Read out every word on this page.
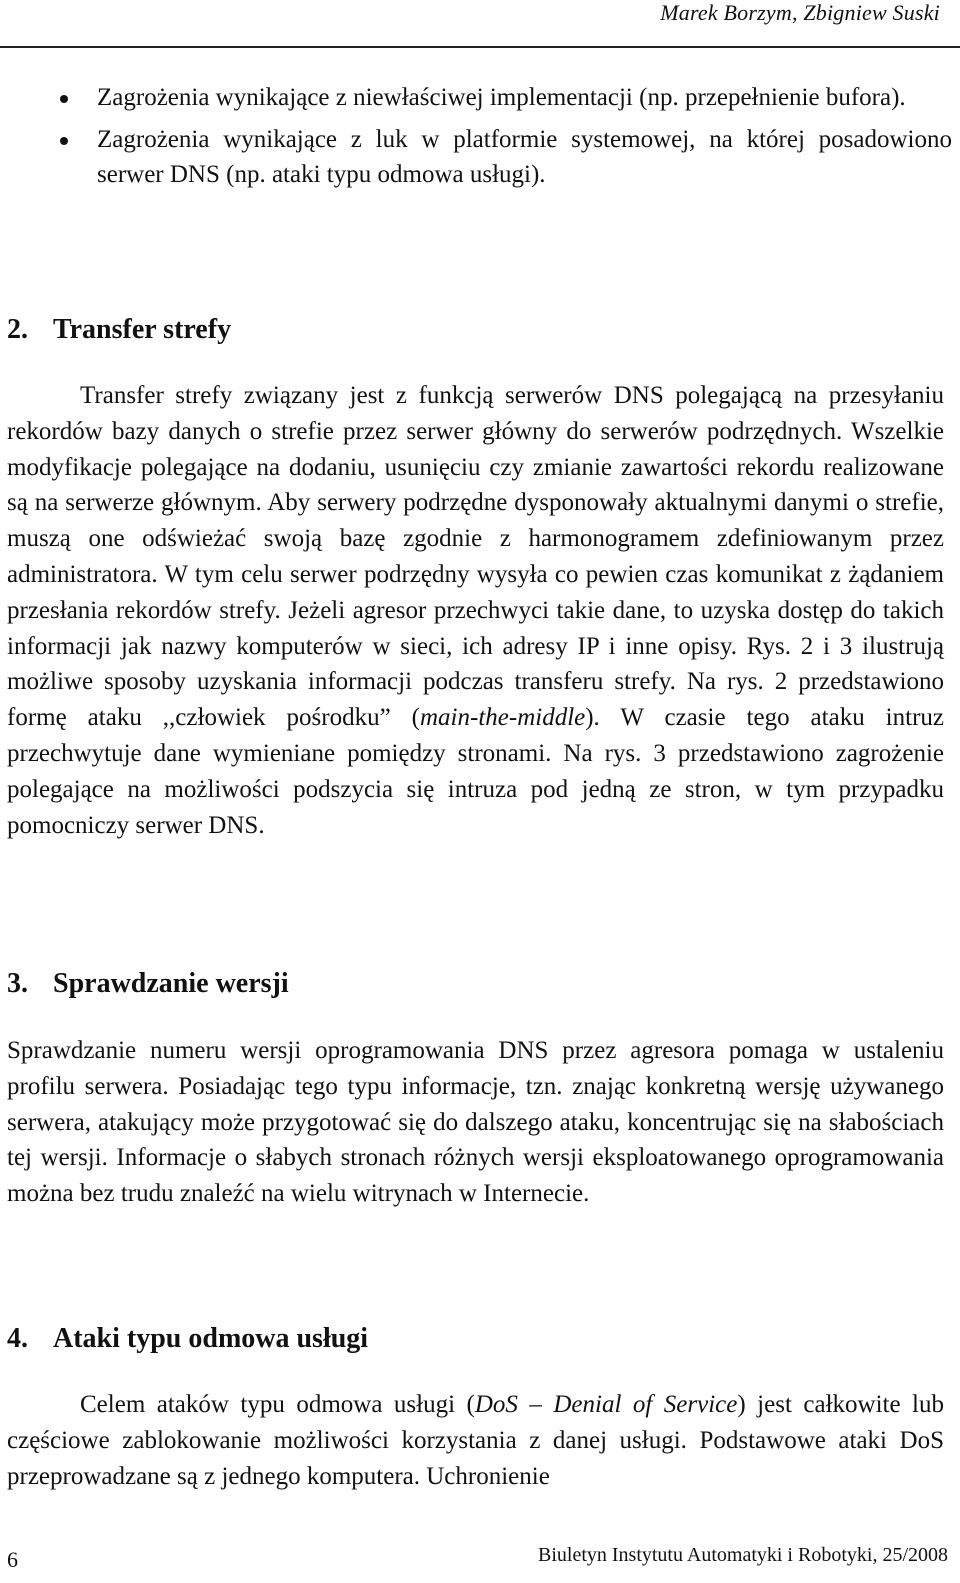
Marek Borzym, Zbigniew Suski
Zagrożenia wynikające z niewłaściwej implementacji (np. przepełnienie bufora).
Zagrożenia wynikające z luk w platformie systemowej, na której posadowiono serwer DNS (np. ataki typu odmowa usługi).
2. Transfer strefy
Transfer strefy związany jest z funkcją serwerów DNS polegającą na przesyłaniu rekordów bazy danych o strefie przez serwer główny do serwerów podrzędnych. Wszelkie modyfikacje polegające na dodaniu, usunięciu czy zmianie zawartości rekordu realizowane są na serwerze głównym. Aby serwery podrzędne dysponowały aktualnymi danymi o strefie, muszą one odświeżać swoją bazę zgodnie z harmonogramem zdefiniowanym przez administratora. W tym celu serwer podrzędny wysyła co pewien czas komunikat z żądaniem przesłania rekordów strefy. Jeżeli agresor przechwyci takie dane, to uzyska dostęp do takich informacji jak nazwy komputerów w sieci, ich adresy IP i inne opisy. Rys. 2 i 3 ilustrują możliwe sposoby uzyskania informacji podczas transferu strefy. Na rys. 2 przedstawiono formę ataku ,,człowiek pośrodku” (main-the-middle). W czasie tego ataku intruz przechwytuje dane wymieniane pomiędzy stronami. Na rys. 3 przedstawiono zagrożenie polegające na możliwości podszycia się intruza pod jedną ze stron, w tym przypadku pomocniczy serwer DNS.
3. Sprawdzanie wersji
Sprawdzanie numeru wersji oprogramowania DNS przez agresora pomaga w ustaleniu profilu serwera. Posiadając tego typu informacje, tzn. znając konkretną wersję używanego serwera, atakujący może przygotować się do dalszego ataku, koncentrując się na słabościach tej wersji. Informacje o słabych stronach różnych wersji eksploatowanego oprogramowania można bez trudu znaleźć na wielu witrynach w Internecie.
4. Ataki typu odmowa usługi
Celem ataków typu odmowa usługi (DoS – Denial of Service) jest całkowite lub częściowe zablokowanie możliwości korzystania z danej usługi. Podstawowe ataki DoS przeprowadzane są z jednego komputera. Uchronienie
6	Biuletyn Instytutu Automatyki i Robotyki, 25/2008
